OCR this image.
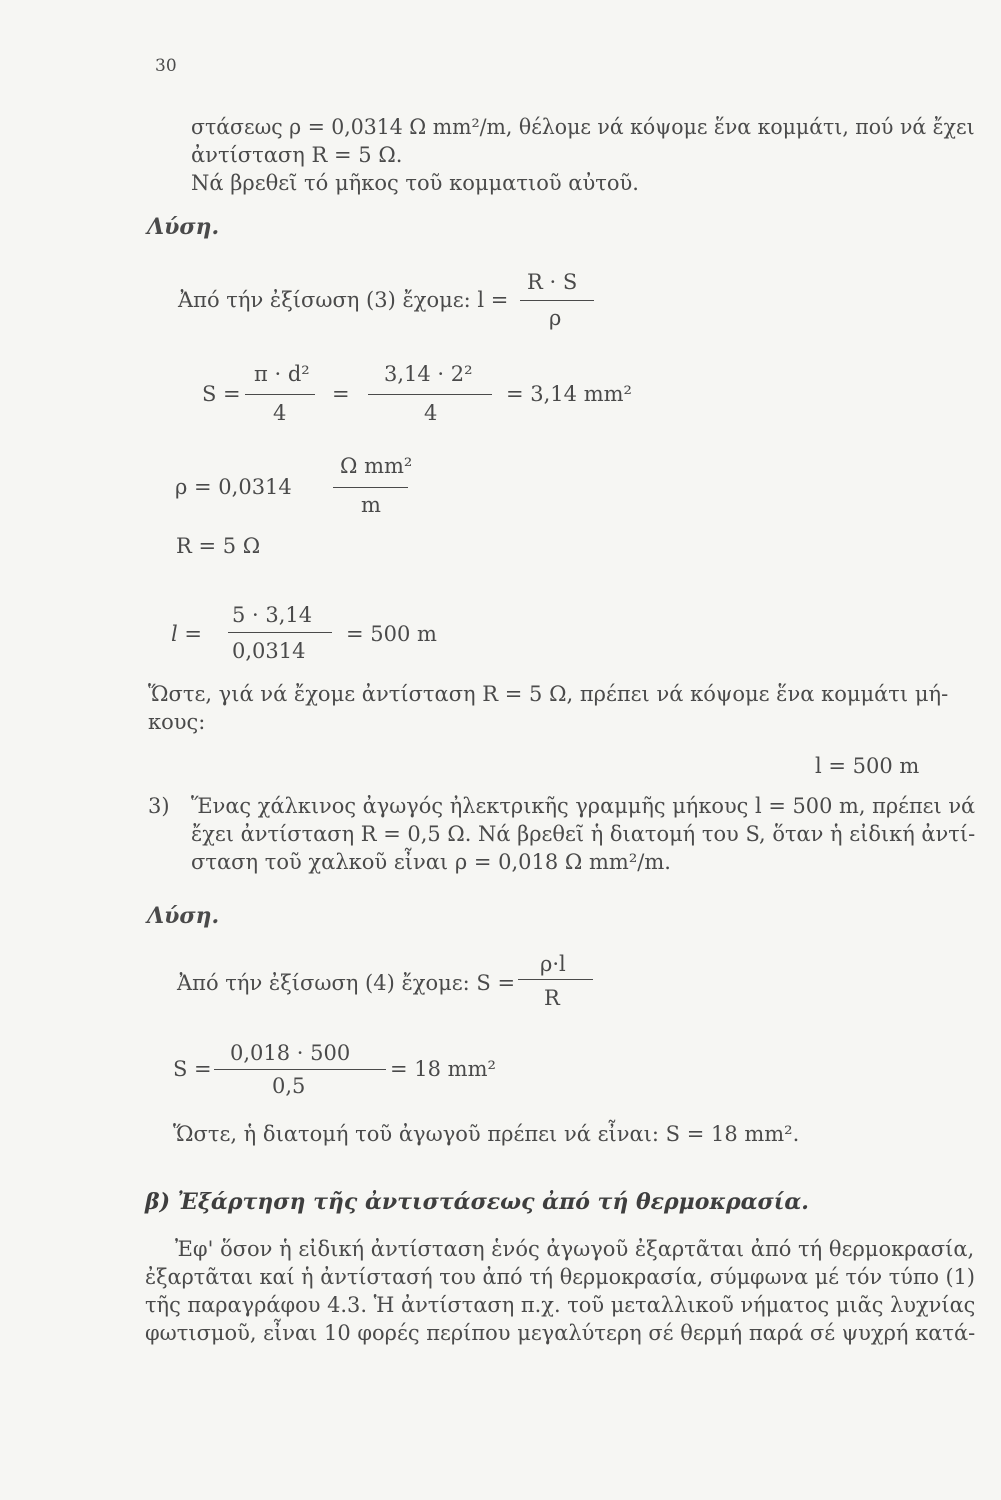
30
στάσεως ρ = 0,0314 Ω mm²/m, θέλομε νά κόψομε ἕνα κομμάτι, πού νά ἔχει
ἀντίσταση R = 5 Ω.
Νά βρεθεῖ τό μῆκος τοῦ κομματιοῦ αὐτοῦ.
Λύση.
Ἀπό τήν ἐξίσωση (3) ἔχομε: l =
R · S
ρ
S =
π · d²
4
=
3,14 · 2²
4
= 3,14 mm²
ρ = 0,0314
Ω mm²
m
R = 5 Ω
l =
5 · 3,14
0,0314
= 500 m
Ὥστε, γιά νά ἔχομε ἀντίσταση R = 5 Ω, πρέπει νά κόψομε ἕνα κομμάτι μή-
κους:
l = 500 m
3) Ἕνας χάλκινος ἀγωγός ἠλεκτρικῆς γραμμῆς μήκους l = 500 m, πρέπει νά
ἔχει ἀντίσταση R = 0,5 Ω. Νά βρεθεῖ ἡ διατομή του S, ὅταν ἡ εἰδική ἀντί-
σταση τοῦ χαλκοῦ εἶναι ρ = 0,018 Ω mm²/m.
Λύση.
Ἀπό τήν ἐξίσωση (4) ἔχομε: S =
ρ·l
R
S =
0,018 · 500
0,5
= 18 mm²
Ὥστε, ἡ διατομή τοῦ ἀγωγοῦ πρέπει νά εἶναι: S = 18 mm².
β) Ἐξάρτηση τῆς ἀντιστάσεως ἀπό τή θερμοκρασία.
Ἐφ' ὅσον ἡ εἰδική ἀντίσταση ἑνός ἀγωγοῦ ἐξαρτᾶται ἀπό τή θερμοκρασία,
ἐξαρτᾶται καί ἡ ἀντίστασή του ἀπό τή θερμοκρασία, σύμφωνα μέ τόν τύπο (1)
τῆς παραγράφου 4.3. Ἡ ἀντίσταση π.χ. τοῦ μεταλλικοῦ νήματος μιᾶς λυχνίας
φωτισμοῦ, εἶναι 10 φορές περίπου μεγαλύτερη σέ θερμή παρά σέ ψυχρή κατά-
